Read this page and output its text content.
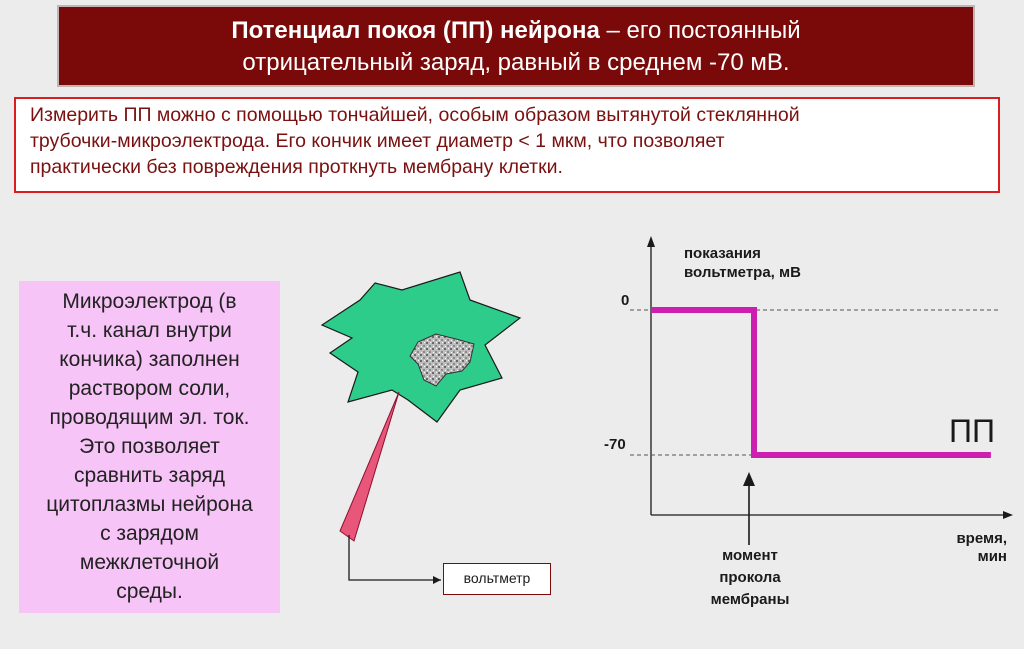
Потенциал покоя (ПП) нейрона – его постоянный
отрицательный заряд, равный в среднем -70 мВ.
Измерить ПП можно с помощью тончайшей, особым образом вытянутой стеклянной
трубочки-микроэлектрода. Его кончик имеет диаметр < 1 мкм, что позволяет
практически без повреждения проткнуть мембрану клетки.
Микроэлектрод (в
т.ч. канал внутри
кончика) заполнен
раствором соли,
проводящим эл. ток.
Это позволяет
сравнить заряд
цитоплазмы нейрона
с зарядом
межклеточной
среды.
показания
вольтметра, мВ
0
-70	ПП
время,
мин
момент
прокола
мембраны
вольтметр
